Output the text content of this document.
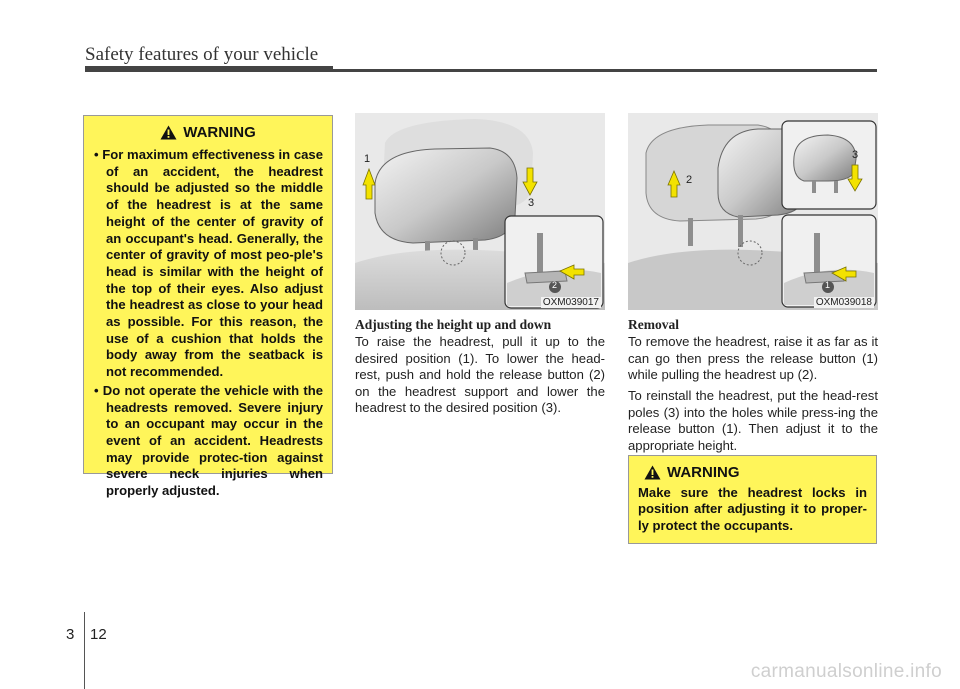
Safety features of your vehicle
WARNING
• For maximum effectiveness in case of an accident, the headrest should be adjusted so the middle of the headrest is at the same height of the center of gravity of an occupant's head. Generally, the center of gravity of most peo-ple's head is similar with the height of the top of their eyes. Also adjust the headrest as close to your head as possible. For this reason, the use of a cushion that holds the body away from the seatback is not recommended.
• Do not operate the vehicle with the headrests removed. Severe injury to an occupant may occur in the event of an accident. Headrests may provide protec-tion against severe neck injuries when properly adjusted.
1
3
2
OXM039017
2
3
1
OXM039018
Adjusting the height up and down

To raise the headrest, pull it up to the desired position (1). To lower the head-rest, push and hold the release button (2) on the headrest support and lower the headrest to the desired position (3).

Removal

To remove the headrest, raise it as far as it can go then press the release button (1) while pulling the headrest up (2).

To reinstall the headrest, put the head-rest poles (3) into the holes while press-ing the release button (1). Then adjust it to the appropriate height.

WARNING

Make sure the headrest locks in position after adjusting it to proper-ly protect the occupants.

3 12
carmanualsonline.info
